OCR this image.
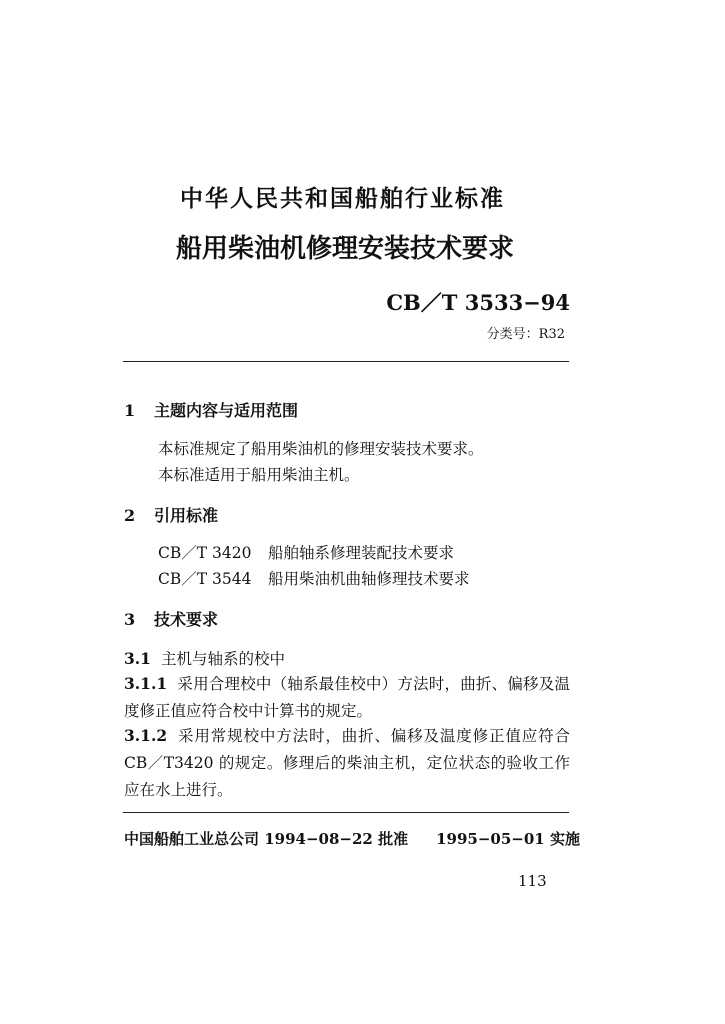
中华人民共和国船舶行业标准
船用柴油机修理安装技术要求
CB／T 3533−94
分类号：R32
1 主题内容与适用范围
本标准规定了船用柴油机的修理安装技术要求。
本标准适用于船用柴油主机。
2 引用标准
CB／T 3420 船舶轴系修理装配技术要求
CB／T 3544 船用柴油机曲轴修理技术要求
3 技术要求
3.1 主机与轴系的校中
3.1.1 采用合理校中（轴系最佳校中）方法时，曲折、偏移及温度修正值应符合校中计算书的规定。
3.1.2 采用常规校中方法时，曲折、偏移及温度修正值应符合 CB／T3420 的规定。修理后的柴油主机，定位状态的验收工作应在水上进行。
中国船舶工业总公司 1994−08−22 批准 1995−05−01 实施
113
